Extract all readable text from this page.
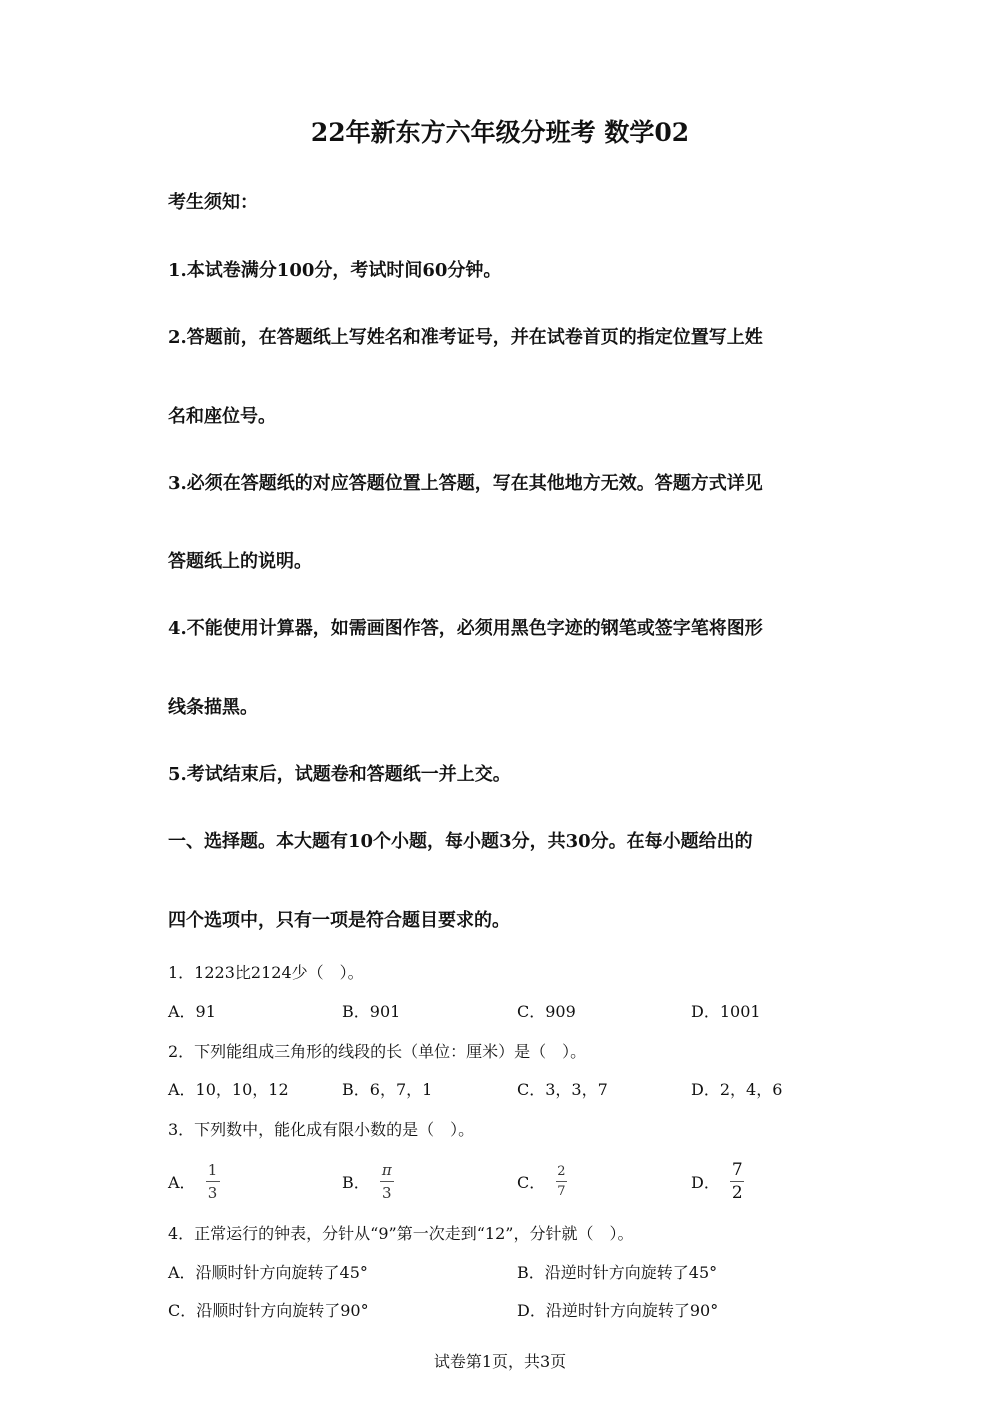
22年新东方六年级分班考 数学02
考生须知：
1.本试卷满分100分，考试时间60分钟。
2.答题前，在答题纸上写姓名和准考证号，并在试卷首页的指定位置写上姓
名和座位号。
3.必须在答题纸的对应答题位置上答题，写在其他地方无效。答题方式详见
答题纸上的说明。
4.不能使用计算器，如需画图作答，必须用黑色字迹的钢笔或签字笔将图形
线条描黑。
5.考试结束后，试题卷和答题纸一并上交。
一、选择题。本大题有10个小题，每小题3分，共30分。在每小题给出的
四个选项中，只有一项是符合题目要求的。
1．1223比2124少（　）。
A．91	B．901	C．909	D．1001
2．下列能组成三角形的线段的长（单位：厘米）是（　）。
A．10，10，12	B．6，7，1	C．3，3，7	D．2，4，6
3．下列数中，能化成有限小数的是（　）。
A． $\frac{1}{3}$	B． $\frac{\pi}{3}$	C． $\frac{2}{7}$	D． $\frac{7}{2}$
4．正常运行的钟表，分针从“9”第一次走到“12”，分针就（　）。
A．沿顺时针方向旋转了45°	B．沿逆时针方向旋转了45°
C．沿顺时针方向旋转了90°	D．沿逆时针方向旋转了90°
试卷第1页，共3页
